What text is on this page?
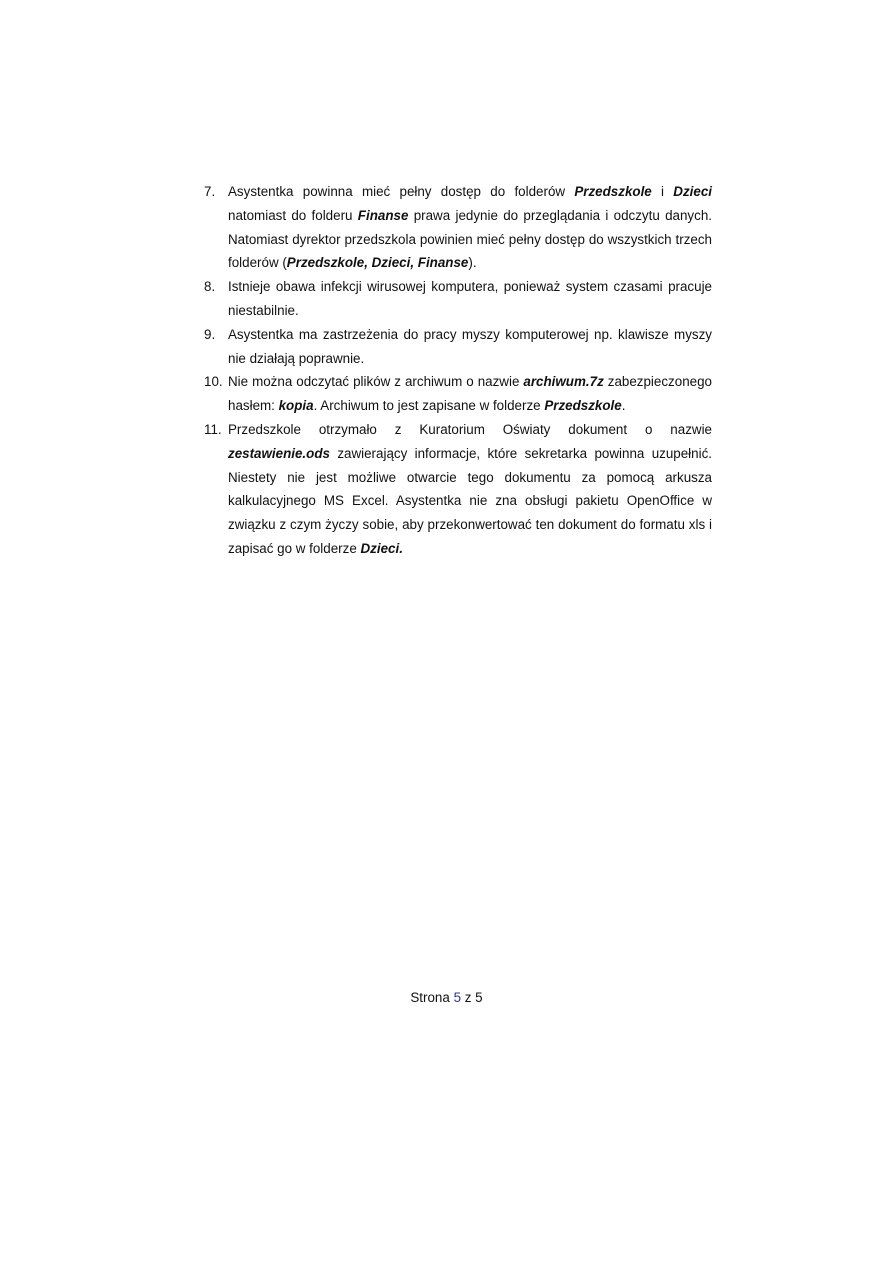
7. Asystentka powinna mieć pełny dostęp do folderów Przedszkole i Dzieci natomiast do folderu Finanse prawa jedynie do przeglądania i odczytu danych. Natomiast dyrektor przedszkola powinien mieć pełny dostęp do wszystkich trzech folderów (Przedszkole, Dzieci, Finanse).
8. Istnieje obawa infekcji wirusowej komputera, ponieważ system czasami pracuje niestabilnie.
9. Asystentka ma zastrzeżenia do pracy myszy komputerowej np. klawisze myszy nie działają poprawnie.
10. Nie można odczytać plików z archiwum o nazwie archiwum.7z zabezpieczonego hasłem: kopia. Archiwum to jest zapisane w folderze Przedszkole.
11. Przedszkole otrzymało z Kuratorium Oświaty dokument o nazwie zestawienie.ods zawierający informacje, które sekretarka powinna uzupełnić. Niestety nie jest możliwe otwarcie tego dokumentu za pomocą arkusza kalkulacyjnego MS Excel. Asystentka nie zna obsługi pakietu OpenOffice w związku z czym życzy sobie, aby przekonwertować ten dokument do formatu xls i zapisać go w folderze Dzieci.
Strona 5 z 5
